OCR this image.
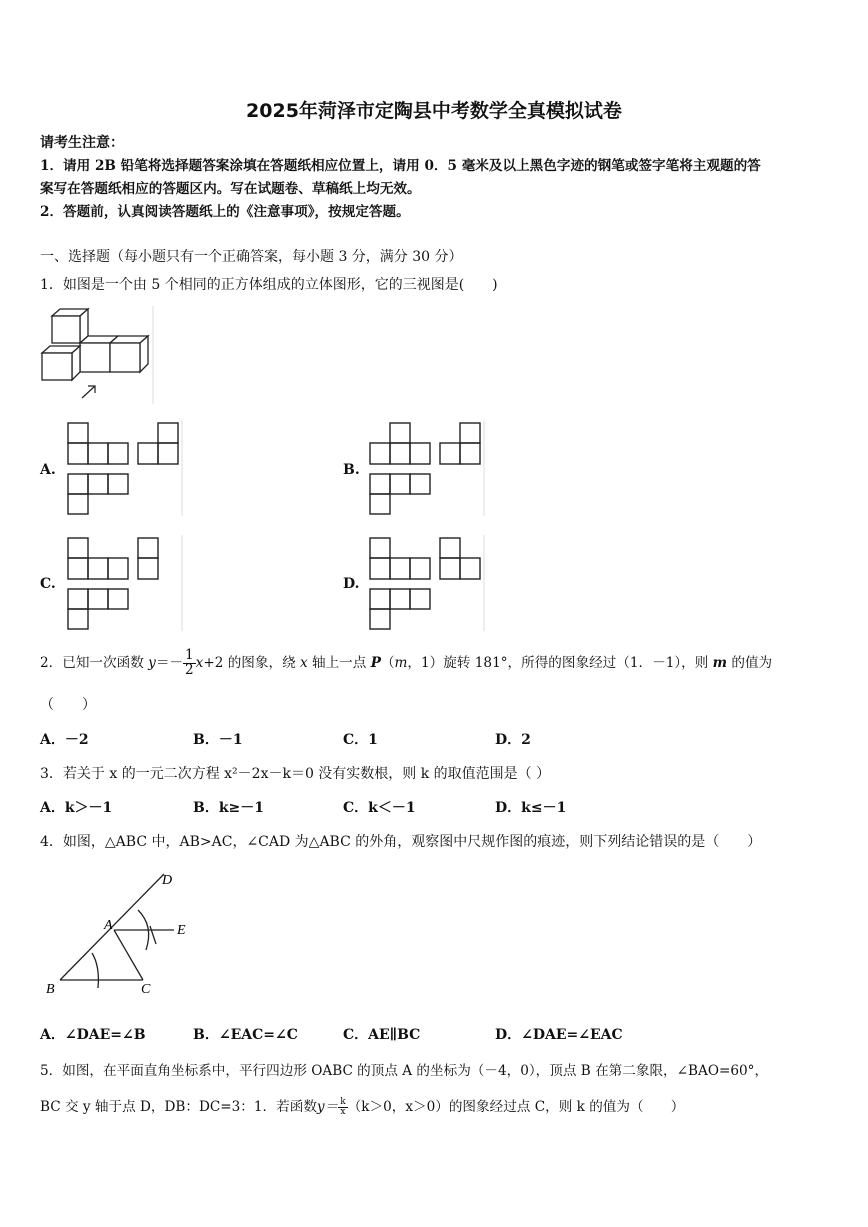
2025年菏泽市定陶县中考数学全真模拟试卷
请考生注意：
1．请用 2B 铅笔将选择题答案涂填在答题纸相应位置上，请用 0．5 毫米及以上黑色字迹的钢笔或签字笔将主观题的答
案写在答题纸相应的答题区内。写在试题卷、草稿纸上均无效。
2．答题前，认真阅读答题纸上的《注意事项》，按规定答题。
一、选择题（每小题只有一个正确答案，每小题 3 分，满分 30 分）
1．如图是一个由 5 个相同的正方体组成的立体图形，它的三视图是(　　)
A.	B.
C.	D.
2．已知一次函数 $y=- \frac{1}{2} x+2$ 的图象，绕 x 轴上一点 P（m，1）旋转 181°，所得的图象经过（1．－1），则 m 的值为
（　　）
A．－2	B．－1	C．1	D．2
3．若关于 x 的一元二次方程 x²－2x－k＝0 没有实数根，则 k 的取值范围是（ ）
A．k＞－1	B．k≥－1	C．k＜－1	D．k≤－1
4．如图，△ABC 中，AB>AC，∠CAD 为△ABC 的外角，观察图中尺规作图的痕迹，则下列结论错误的是（　　）
D
A	E
B	C
A．∠DAE=∠B	B．∠EAC=∠C	C．AE∥BC	D．∠DAE=∠EAC
5．如图，在平面直角坐标系中，平行四边形 OABC 的顶点 A 的坐标为（－4，0），顶点 B 在第二象限，∠BAO=60°，
BC 交 y 轴于点 D，DB：DC=3：1．若函数$y= \frac{k}{x} (k>0$，x＞0）的图象经过点 C，则 k 的值为（　　）
